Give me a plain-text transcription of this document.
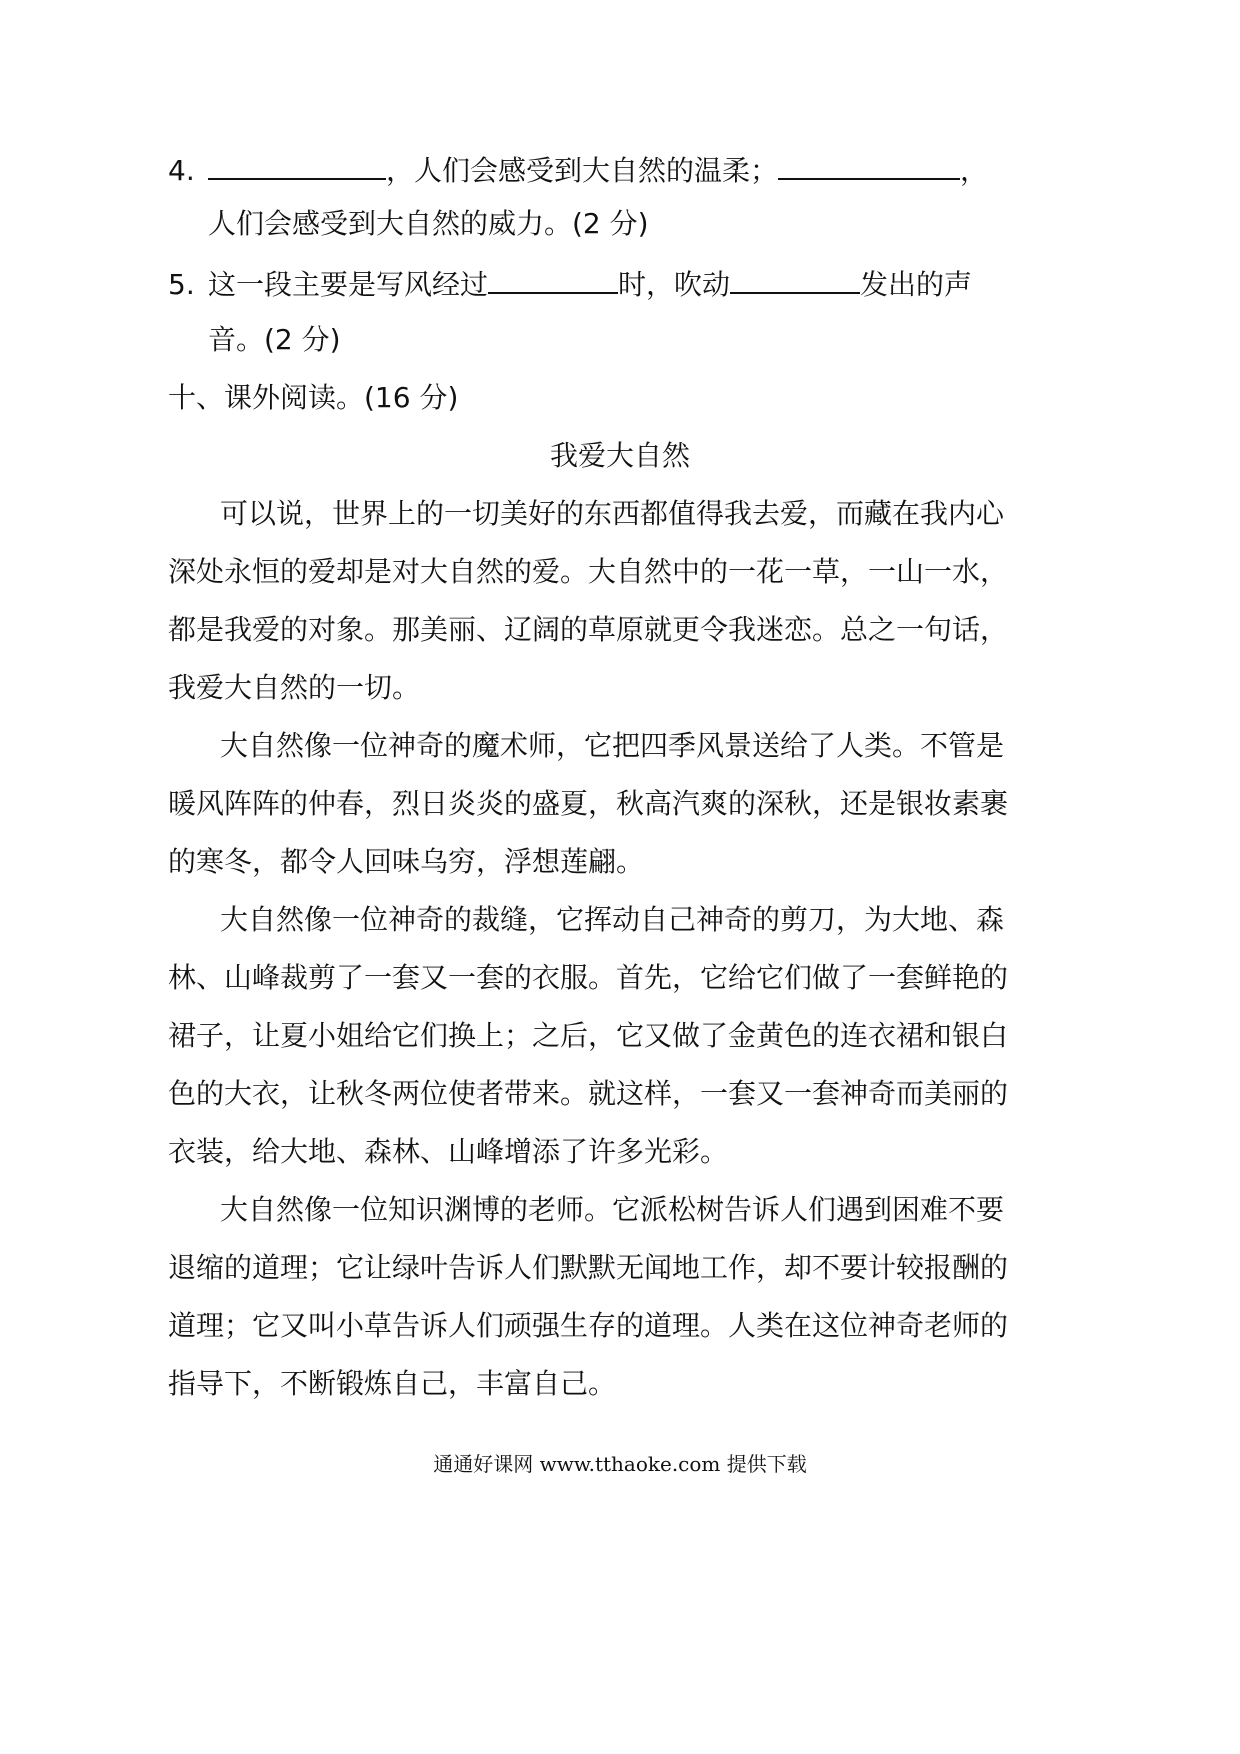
4.	，人们会感受到大自然的温柔；	，
人们会感受到大自然的威力。(2 分)
5. 这一段主要是写风经过	时，吹动	发出的声
音。(2 分)
十、课外阅读。(16 分)
我爱大自然
可以说，世界上的一切美好的东西都值得我去爱，而藏在我内心
深处永恒的爱却是对大自然的爱。大自然中的一花一草，一山一水，
都是我爱的对象。那美丽、辽阔的草原就更令我迷恋。总之一句话，
我爱大自然的一切。
大自然像一位神奇的魔术师，它把四季风景送给了人类。不管是
暖风阵阵的仲春，烈日炎炎的盛夏，秋高汽爽的深秋，还是银妆素裹
的寒冬，都令人回味乌穷，浮想莲翩。
大自然像一位神奇的裁缝，它挥动自己神奇的剪刀，为大地、森
林、山峰裁剪了一套又一套的衣服。首先，它给它们做了一套鲜艳的
裙子，让夏小姐给它们换上；之后，它又做了金黄色的连衣裙和银白
色的大衣，让秋冬两位使者带来。就这样，一套又一套神奇而美丽的
衣装，给大地、森林、山峰增添了许多光彩。
大自然像一位知识渊博的老师。它派松树告诉人们遇到困难不要
退缩的道理；它让绿叶告诉人们默默无闻地工作，却不要计较报酬的
道理；它又叫小草告诉人们顽强生存的道理。人类在这位神奇老师的
指导下，不断锻炼自己，丰富自己。
通通好课网 www.tthaoke.com 提供下载
